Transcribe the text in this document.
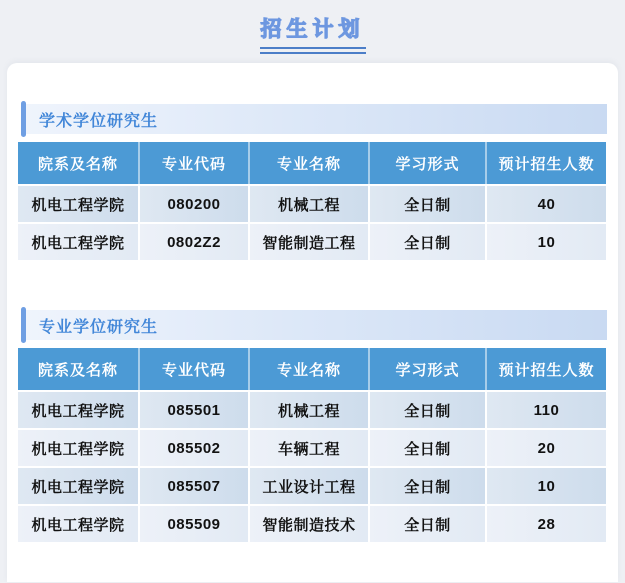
招生计划
学术学位研究生
院系及名称	专业代码	专业名称	学习形式	预计招生人数
机电工程学院	080200	机械工程	全日制	40
机电工程学院	0802Z2	智能制造工程	全日制	10
专业学位研究生
院系及名称	专业代码	专业名称	学习形式	预计招生人数
机电工程学院	085501	机械工程	全日制	110
机电工程学院	085502	车辆工程	全日制	20
机电工程学院	085507	工业设计工程	全日制	10
机电工程学院	085509	智能制造技术	全日制	28
